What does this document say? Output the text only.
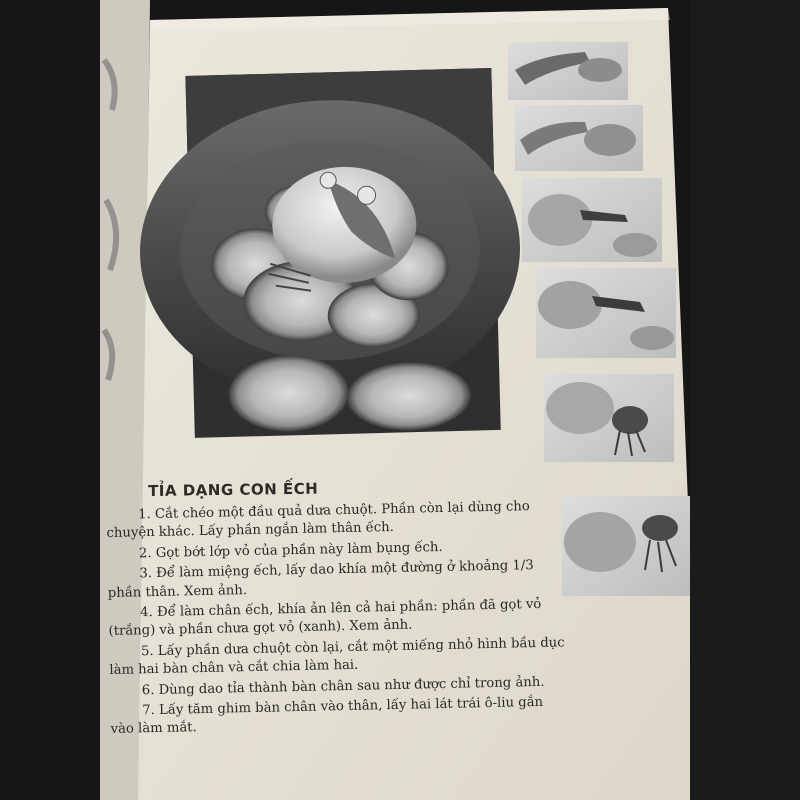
TỈA DẠNG CON ẾCH

1. Cắt chéo một đầu quả dưa chuột. Phần còn lại dùng cho chuyện khác. Lấy phần ngắn làm thân ếch.

2. Gọt bớt lớp vỏ của phần này làm bụng ếch.

3. Để làm miệng ếch, lấy dao khía một đường ở khoảng 1/3 phần thân. Xem ảnh.

4. Để làm chân ếch, khía ản lên cả hai phần: phần đã gọt vỏ (trắng) và phần chưa gọt vỏ (xanh). Xem ảnh.

5. Lấy phần dưa chuột còn lại, cắt một miếng nhỏ hình bầu dục làm hai bàn chân và cắt chia làm hai.

6. Dùng dao tỉa thành bàn chân sau như được chỉ trong ảnh.

7. Lấy tăm ghim bàn chân vào thân, lấy hai lát trái ô-liu gắn vào làm mắt.
